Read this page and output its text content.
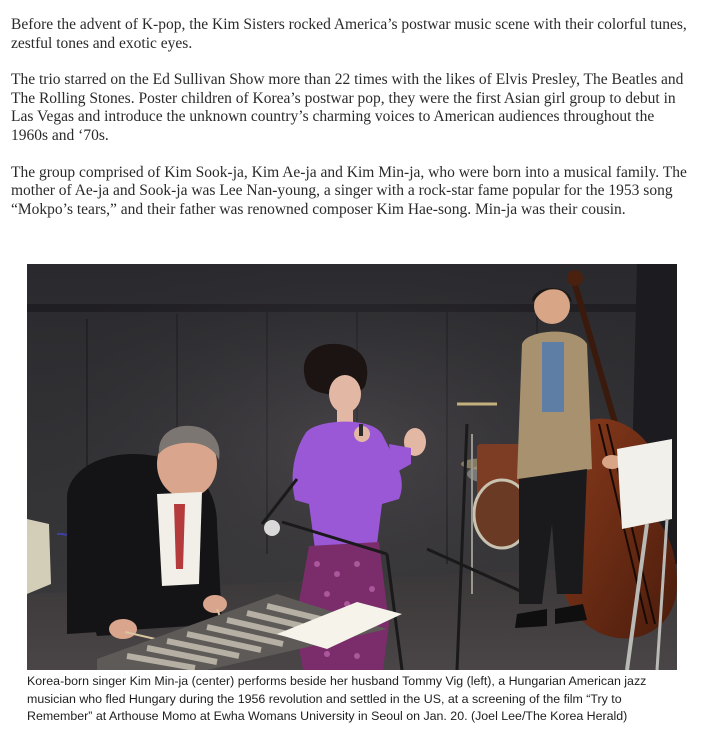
Before the advent of K-pop, the Kim Sisters rocked America’s postwar music scene with their colorful tunes, zestful tones and exotic eyes.

The trio starred on the Ed Sullivan Show more than 22 times with the likes of Elvis Presley, The Beatles and The Rolling Stones. Poster children of Korea’s postwar pop, they were the first Asian girl group to debut in Las Vegas and introduce the unknown country’s charming voices to American audiences throughout the 1960s and ‘70s.

The group comprised of Kim Sook-ja, Kim Ae-ja and Kim Min-ja, who were born into a musical family. The mother of Ae-ja and Sook-ja was Lee Nan-young, a singer with a rock-star fame popular for the 1953 song “Mokpo’s tears,” and their father was renowned composer Kim Hae-song. Min-ja was their cousin.

Korea-born singer Kim Min-ja (center) performs beside her husband Tommy Vig (left), a Hungarian American jazz musician who fled Hungary during the 1956 revolution and settled in the US, at a screening of the film “Try to Remember” at Arthouse Momo at Ewha Womans University in Seoul on Jan. 20. (Joel Lee/The Korea Herald)
